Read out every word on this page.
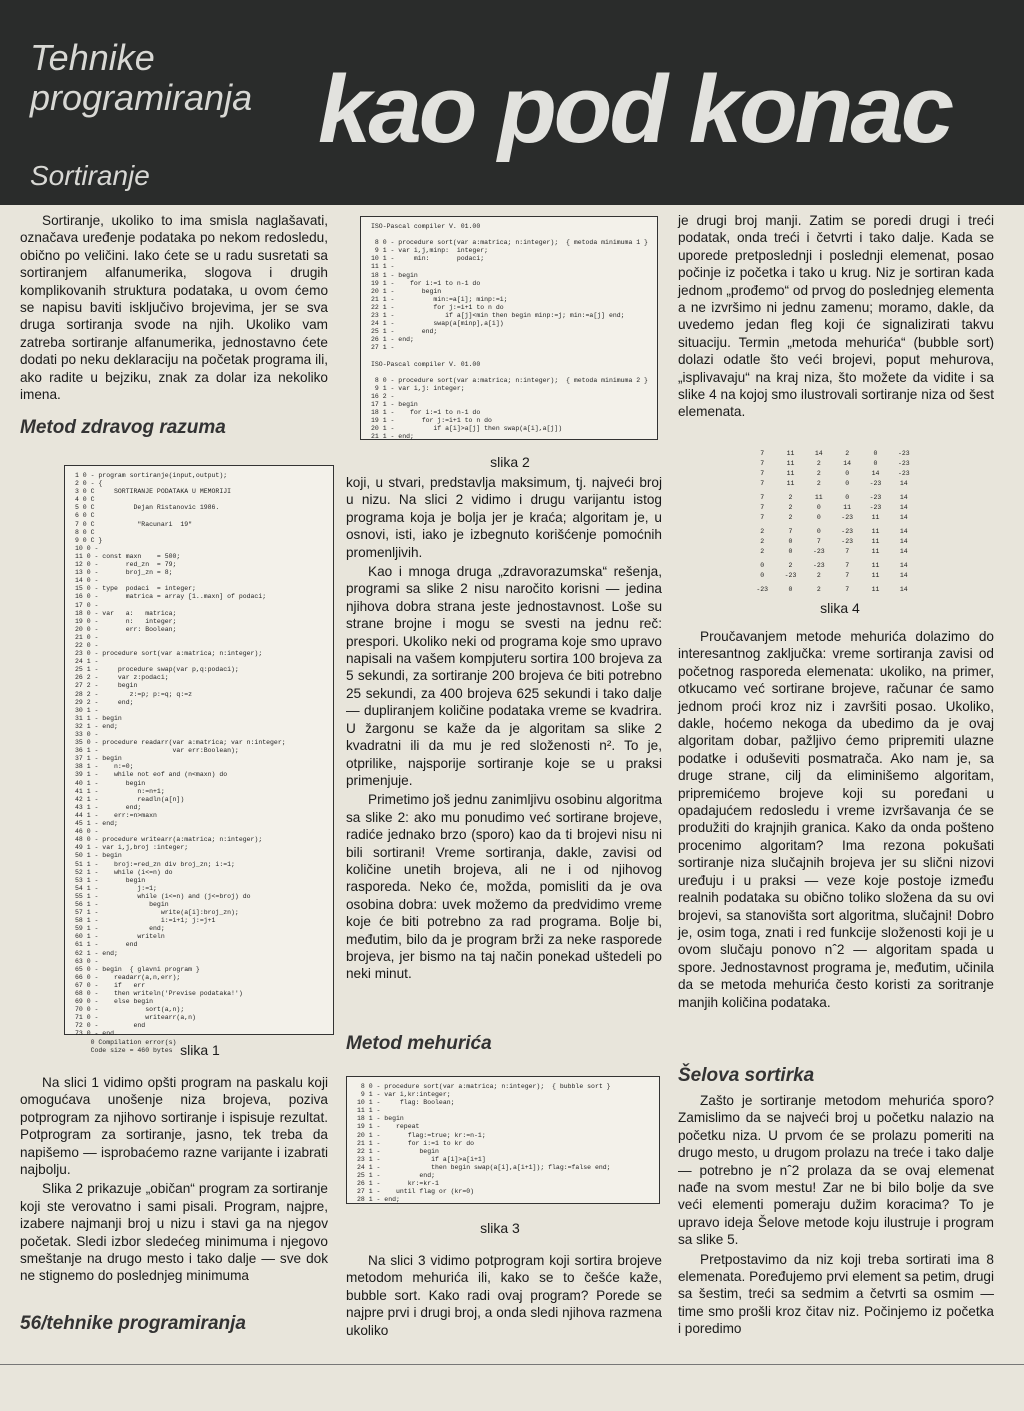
Tehnike
programiranja kao pod konac
Sortiranje

Sortiranje, ukoliko to ima smisla naglašavati, označava uređenje podataka po nekom redosledu, obično po veličini. Iako ćete se u radu susretati sa sortiranjem alfanumerika, slogova i drugih komplikovanih struktura podataka, u ovom ćemo se napisu baviti isključivo brojevima, jer se sva druga sortiranja svode na njih. Ukoliko vam zatreba sortiranje alfanumerika, jednostavno ćete dodati po neku deklaraciju na početak programa ili, ako radite u bejziku, znak za dolar iza nekoliko imena.

Metod zdravog razuma
1 0 - program sortiranje(input,output);
2 0 - {
3 0 C     SORTIRANJE PODATAKA U MEMORIJI
4 0 C
5 0 C          Dejan Ristanovic 1986.
6 0 C
7 0 C           "Racunari  19"
8 0 C
9 0 C }
10 0 -
11 0 - const maxn    = 500;
12 0 -       red_zn  = 79;
13 0 -       broj_zn = 8;
14 0 -
15 0 - type  podaci  = integer;
16 0 -       matrica = array [1..maxn] of podaci;
17 0 -
18 0 - var   a:   matrica;
19 0 -       n:   integer;
20 0 -       err: Boolean;
21 0 -
22 0 -
23 0 - procedure sort(var a:matrica; n:integer);
24 1 -
25 1 -     procedure swap(var p,q:podaci);
26 2 -     var z:podaci;
27 2 -     begin
28 2 -        z:=p; p:=q; q:=z
29 2 -     end;
30 1 -
31 1 - begin
32 1 - end;
33 0 -
35 0 - procedure readarr(var a:matrica; var n:integer;
36 1 -                   var err:Boolean);
37 1 - begin
38 1 -    n:=0;
39 1 -    while not eof and (n<maxn) do
40 1 -       begin
41 1 -          n:=n+1;
42 1 -          readln(a[n])
43 1 -       end;
44 1 -    err:=n>maxn
45 1 - end;
46 0 -
48 0 - procedure writearr(a:matrica; n:integer);
49 1 - var i,j,broj :integer;
50 1 - begin
51 1 -    broj:=red_zn div broj_zn; i:=1;
52 1 -    while (i<=n) do
53 1 -       begin
54 1 -          j:=1;
55 1 -          while (i<=n) and (j<=broj) do
56 1 -             begin
57 1 -                write(a[i]:broj_zn);
58 1 -                i:=i+1; j:=j+1
59 1 -             end;
60 1 -          writeln
61 1 -       end
62 1 - end;
63 0 -
65 0 - begin  { glavni program }
66 0 -    readarr(a,n,err);
67 0 -    if   err
68 0 -    then writeln('Previse podataka!')
69 0 -    else begin
70 0 -            sort(a,n);
71 0 -            writearr(a,n)
72 0 -         end
73 0 - end.
0 Compilation error(s)
Code size = 460 bytes slika 1

Na slici 1 vidimo opšti program na paskalu koji omogućava unošenje niza brojeva, poziva potprogram za njihovo sortiranje i ispisuje rezultat. Potprogram za sortiranje, jasno, tek treba da napišemo — isprobaćemo razne varijante i izabrati najbolju.

Slika 2 prikazuje „običan“ program za sortiranje koji ste verovatno i sami pisali. Program, najpre, izabere najmanji broj u nizu i stavi ga na njegov početak. Sledi izbor sledećeg minimuma i njegovo smeštanje na drugo mesto i tako dalje — sve dok ne stignemo do poslednjeg minimuma

56/tehnike programiranja
ISO-Pascal compiler V. 01.00

8 0 - procedure sort(var a:matrica; n:integer);  { metoda minimuma 1 }
9 1 - var i,j,minp:  integer;
10 1 -     min:       podaci;
11 1 -
18 1 - begin
19 1 -    for i:=1 to n-1 do
20 1 -       begin
21 1 -          min:=a[i]; minp:=i;
22 1 -          for j:=i+1 to n do
23 1 -             if a[j]<min then begin minp:=j; min:=a[j] end;
24 1 -          swap(a[minp],a[i])
25 1 -       end;
26 1 - end;
27 1 -

ISO-Pascal compiler V. 01.00

8 0 - procedure sort(var a:matrica; n:integer);  { metoda minimuma 2 }
9 1 - var i,j: integer;
16 2 -
17 1 - begin
18 1 -    for i:=1 to n-1 do
19 1 -       for j:=i+1 to n do
20 1 -          if a[i]>a[j] then swap(a[i],a[j])
21 1 - end;
slika 2

koji, u stvari, predstavlja maksimum, tj. najveći broj u nizu. Na slici 2 vidimo i drugu varijantu istog programa koja je bolja jer je kraća; algoritam je, u osnovi, isti, iako je izbegnuto korišćenje pomoćnih promenljivih.

Kao i mnoga druga „zdravorazumska“ rešenja, programi sa slike 2 nisu naročito korisni — jedina njihova dobra strana jeste jednostavnost. Loše su strane brojne i mogu se svesti na jednu reč: prespori. Ukoliko neki od programa koje smo upravo napisali na vašem kompjuteru sortira 100 brojeva za 5 sekundi, za sortiranje 200 brojeva će biti potrebno 25 sekundi, za 400 brojeva 625 sekundi i tako dalje — dupliranjem količine podataka vreme se kvadrira. U žargonu se kaže da je algoritam sa slike 2 kvadratni ili da mu je red složenosti n². To je, otprilike, najsporije sortiranje koje se u praksi primenjuje.

Primetimo još jednu zanimljivu osobinu algoritma sa slike 2: ako mu ponudimo već sortirane brojeve, radiće jednako brzo (sporo) kao da ti brojevi nisu ni bili sortirani! Vreme sortiranja, dakle, zavisi od količine unetih brojeva, ali ne i od njihovog rasporeda. Neko će, možda, pomisliti da je ova osobina dobra: uvek možemo da predvidimo vreme koje će biti potrebno za rad programa. Bolje bi, međutim, bilo da je program brži za neke rasporede brojeva, jer bismo na taj način ponekad uštedeli po neki minut.

Metod mehurića
8 0 - procedure sort(var a:matrica; n:integer);  { bubble sort }
9 1 - var i,kr:integer;
10 1 -     flag: Boolean;
11 1 -
18 1 - begin
19 1 -    repeat
20 1 -       flag:=true; kr:=n-1;
21 1 -       for i:=1 to kr do
22 1 -          begin
23 1 -             if a[i]>a[i+1]
24 1 -             then begin swap(a[i],a[i+1]); flag:=false end;
25 1 -          end;
26 1 -       kr:=kr-1
27 1 -    until flag or (kr=0)
28 1 - end;
slika 3

Na slici 3 vidimo potprogram koji sortira brojeve metodom mehurića ili, kako se to češće kaže, bubble sort. Kako radi ovaj program? Porede se najpre prvi i drugi broj, a onda sledi njihova razmena ukoliko

je drugi broj manji. Zatim se poredi drugi i treći podatak, onda treći i četvrti i tako dalje. Kada se uporede pretposlednji i poslednji elemenat, posao počinje iz početka i tako u krug. Niz je sortiran kada jednom „prođemo“ od prvog do poslednjeg elementa a ne izvršimo ni jednu zamenu; moramo, dakle, da uvedemo jedan fleg koji će signalizirati takvu situaciju. Termin „metoda mehurića“ (bubble sort) dolazi odatle što veći brojevi, poput mehurova, „isplivavaju“ na kraj niza, što možete da vidite i sa slike 4 na kojoj smo ilustrovali sortiranje niza od šest elemenata.

7	11	14	2	0	-23
7	11	2	14	0	-23
7	11	2	0	14	-23
7	11	2	0	-23	14
7	2	11	0	-23	14
7	2	0	11	-23	14
7	2	0	-23	11	14
2	7	0	-23	11	14
2	0	7	-23	11	14
2	0	-23	7	11	14
0	2	-23	7	11	14
0	-23	2	7	11	14
-23	0	2	7	11	14
slika 4

Proučavanjem metode mehurića dolazimo do interesantnog zaključka: vreme sortiranja zavisi od početnog rasporeda elemenata: ukoliko, na primer, otkucamo već sortirane brojeve, računar će samo jednom proći kroz niz i završiti posao. Ukoliko, dakle, hoćemo nekoga da ubedimo da je ovaj algoritam dobar, pažljivo ćemo pripremiti ulazne podatke i oduševiti posmatrača. Ako nam je, sa druge strane, cilj da eliminišemo algoritam, pripremićemo brojeve koji su poređani u opadajućem redosledu i vreme izvršavanja će se produžiti do krajnjih granica. Kako da onda pošteno procenimo algoritam? Ima rezona pokušati sortiranje niza slučajnih brojeva jer su slični nizovi uređuju i u praksi — veze koje postoje između realnih podataka su obično toliko složena da su ovi brojevi, sa stanovišta sort algoritma, slučajni! Dobro je, osim toga, znati i red funkcije složenosti koji je u ovom slučaju ponovo nˆ2 — algoritam spada u spore. Jednostavnost programa je, međutim, učinila da se metoda mehurića često koristi za soritranje manjih količina podataka.

Šelova sortirka

Zašto je sortiranje metodom mehurića sporo? Zamislimo da se najveći broj u početku nalazio na početku niza. U prvom će se prolazu pomeriti na drugo mesto, u drugom prolazu na treće i tako dalje — potrebno je nˆ2 prolaza da se ovaj elemenat nađe na svom mestu! Zar ne bi bilo bolje da sve veći elementi pomeraju dužim koracima? To je upravo ideja Šelove metode koju ilustruje i program sa slike 5.

Pretpostavimo da niz koji treba sortirati ima 8 elemenata. Poređujemo prvi element sa petim, drugi sa šestim, treći sa sedmim a četvrti sa osmim — time smo prošli kroz čitav niz. Počinjemo iz početka i poredimo
